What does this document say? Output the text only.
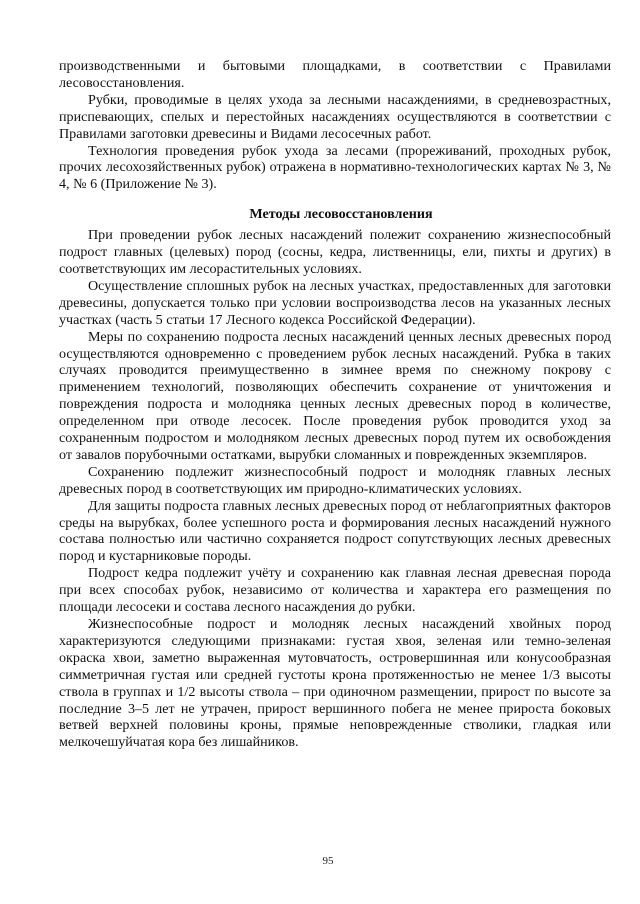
производственными и бытовыми площадками, в соответствии с Правилами лесовосстановления.

Рубки, проводимые в целях ухода за лесными насаждениями, в средневозрастных, приспевающих, спелых и перестойных насаждениях осуществляются в соответствии с Правилами заготовки древесины и Видами лесосечных работ.

Технология проведения рубок ухода за лесами (прореживаний, проходных рубок, прочих лесохозяйственных рубок) отражена в нормативно-технологических картах № 3, № 4, № 6 (Приложение № 3).

Методы лесовосстановления

При проведении рубок лесных насаждений полежит сохранению жизнеспособный подрост главных (целевых) пород (сосны, кедра, лиственницы, ели, пихты и других) в соответствующих им лесорастительных условиях.

Осуществление сплошных рубок на лесных участках, предоставленных для заготовки древесины, допускается только при условии воспроизводства лесов на указанных лесных участках (часть 5 статьи 17 Лесного кодекса Российской Федерации).

Меры по сохранению подроста лесных насаждений ценных лесных древесных пород осуществляются одновременно с проведением рубок лесных насаждений. Рубка в таких случаях проводится преимущественно в зимнее время по снежному покрову с применением технологий, позволяющих обеспечить сохранение от уничтожения и повреждения подроста и молодняка ценных лесных древесных пород в количестве, определенном при отводе лесосек. После проведения рубок проводится уход за сохраненным подростом и молодняком лесных древесных пород путем их освобождения от завалов порубочными остатками, вырубки сломанных и поврежденных экземпляров.

Сохранению подлежит жизнеспособный подрост и молодняк главных лесных древесных пород в соответствующих им природно-климатических условиях.

Для защиты подроста главных лесных древесных пород от неблагоприятных факторов среды на вырубках, более успешного роста и формирования лесных насаждений нужного состава полностью или частично сохраняется подрост сопутствующих лесных древесных пород и кустарниковые породы.

Подрост кедра подлежит учёту и сохранению как главная лесная древесная порода при всех способах рубок, независимо от количества и характера его размещения по площади лесосеки и состава лесного насаждения до рубки.

Жизнеспособные подрост и молодняк лесных насаждений хвойных пород характеризуются следующими признаками: густая хвоя, зеленая или темно-зеленая окраска хвои, заметно выраженная мутовчатость, островершинная или конусообразная симметричная густая или средней густоты крона протяженностью не менее 1/3 высоты ствола в группах и 1/2 высоты ствола – при одиночном размещении, прирост по высоте за последние 3–5 лет не утрачен, прирост вершинного побега не менее прироста боковых ветвей верхней половины кроны, прямые неповрежденные стволики, гладкая или мелкочешуйчатая кора без лишайников.

95
